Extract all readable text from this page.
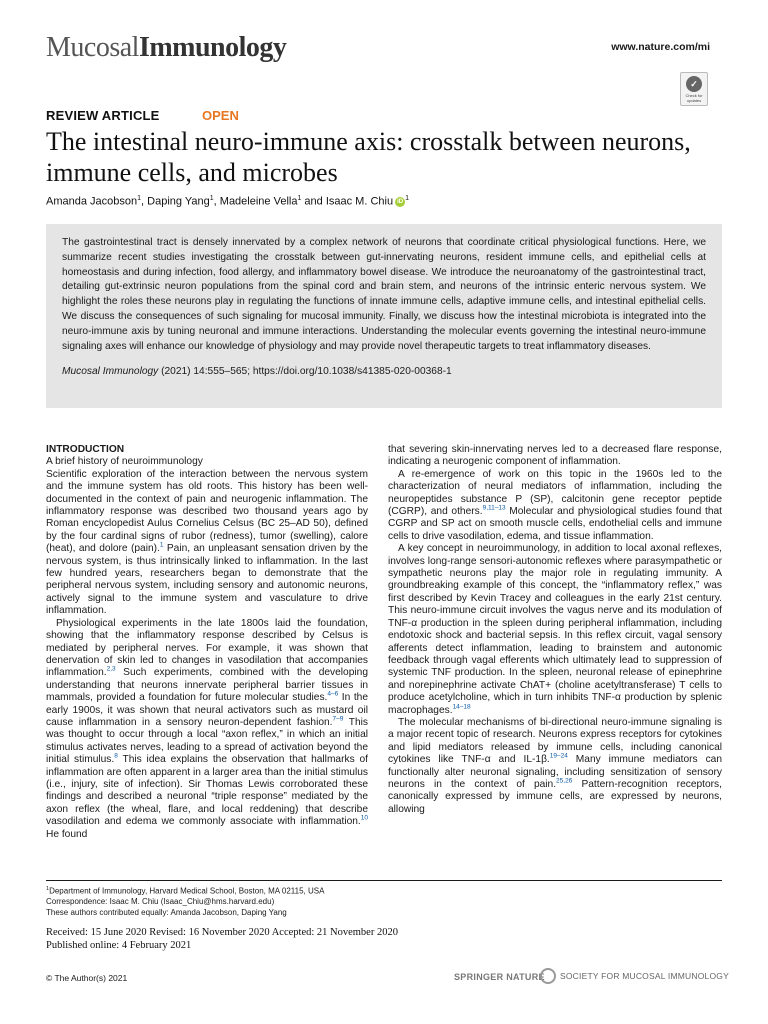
MucosalImmunology	www.nature.com/mi
✓
Check for updates
REVIEW ARTICLE	OPEN
The intestinal neuro-immune axis: crosstalk between neurons, immune cells, and microbes
Amanda Jacobson$^1$, Daping Yang$^1$, Madeleine Vella$^1$ and Isaac M. Chiu iD $^1$

The gastrointestinal tract is densely innervated by a complex network of neurons that coordinate critical physiological functions. Here, we summarize recent studies investigating the crosstalk between gut-innervating neurons, resident immune cells, and epithelial cells at homeostasis and during infection, food allergy, and inflammatory bowel disease. We introduce the neuroanatomy of the gastrointestinal tract, detailing gut-extrinsic neuron populations from the spinal cord and brain stem, and neurons of the intrinsic enteric nervous system. We highlight the roles these neurons play in regulating the functions of innate immune cells, adaptive immune cells, and intestinal epithelial cells. We discuss the consequences of such signaling for mucosal immunity. Finally, we discuss how the intestinal microbiota is integrated into the neuro-immune axis by tuning neuronal and immune interactions. Understanding the molecular events governing the intestinal neuro-immune signaling axes will enhance our knowledge of physiology and may provide novel therapeutic targets to treat inflammatory diseases.

Mucosal Immunology (2021) 14:555–565; https://doi.org/10.1038/s41385-020-00368-1
INTRODUCTION
A brief history of neuroimmunology

Scientific exploration of the interaction between the nervous system and the immune system has old roots. This history has been well-documented in the context of pain and neurogenic inflammation. The inflammatory response was described two thousand years ago by Roman encyclopedist Aulus Cornelius Celsus (BC 25–AD 50), defined by the four cardinal signs of rubor (redness), tumor (swelling), calore (heat), and dolore (pain).$^1$ Pain, an unpleasant sensation driven by the nervous system, is thus intrinsically linked to inflammation. In the last few hundred years, researchers began to demonstrate that the peripheral nervous system, including sensory and autonomic neurons, actively signal to the immune system and vasculature to drive inflammation.

Physiological experiments in the late 1800s laid the foundation, showing that the inflammatory response described by Celsus is mediated by peripheral nerves. For example, it was shown that denervation of skin led to changes in vasodilation that accompanies inflammation.$^{2,3}$ Such experiments, combined with the developing understanding that neurons innervate peripheral barrier tissues in mammals, provided a foundation for future molecular studies.$^{4-6}$ In the early 1900s, it was shown that neural activators such as mustard oil cause inflammation in a sensory neuron-dependent fashion.$^{7-9}$ This was thought to occur through a local “axon reflex,” in which an initial stimulus activates nerves, leading to a spread of activation beyond the initial stimulus.$^8$ This idea explains the observation that hallmarks of inflammation are often apparent in a larger area than the initial stimulus (i.e., injury, site of infection). Sir Thomas Lewis corroborated these findings and described a neuronal “triple response” mediated by the axon reflex (the wheal, flare, and local reddening) that describe vasodilation and edema we commonly associate with inflammation.$^{10}$ He found

that severing skin-innervating nerves led to a decreased flare response, indicating a neurogenic component of inflammation.

A re-emergence of work on this topic in the 1960s led to the characterization of neural mediators of inflammation, including the neuropeptides substance P (SP), calcitonin gene receptor peptide (CGRP), and others.$^{9,11-13}$ Molecular and physiological studies found that CGRP and SP act on smooth muscle cells, endothelial cells and immune cells to drive vasodilation, edema, and tissue inflammation.

A key concept in neuroimmunology, in addition to local axonal reflexes, involves long-range sensori-autonomic reflexes where parasympathetic or sympathetic neurons play the major role in regulating immunity. A groundbreaking example of this concept, the “inflammatory reflex,” was first described by Kevin Tracey and colleagues in the early 21st century. This neuro-immune circuit involves the vagus nerve and its modulation of TNF-α production in the spleen during peripheral inflammation, including endotoxic shock and bacterial sepsis. In this reflex circuit, vagal sensory afferents detect inflammation, leading to brainstem and autonomic feedback through vagal efferents which ultimately lead to suppression of systemic TNF production. In the spleen, neuronal release of epinephrine and norepinephrine activate ChAT+ (choline acetyltransferase) T cells to produce acetylcholine, which in turn inhibits TNF-α production by splenic macrophages.$^{14-18}$

The molecular mechanisms of bi-directional neuro-immune signaling is a major recent topic of research. Neurons express receptors for cytokines and lipid mediators released by immune cells, including canonical cytokines like TNF-α and IL-1β.$^{19-24}$ Many immune mediators can functionally alter neuronal signaling, including sensitization of sensory neurons in the context of pain.$^{25,26}$ Pattern-recognition receptors, canonically expressed by immune cells, are expressed by neurons, allowing

$^1$Department of Immunology, Harvard Medical School, Boston, MA 02115, USA
Correspondence: Isaac M. Chiu (Isaac_Chiu@hms.harvard.edu)
These authors contributed equally: Amanda Jacobson, Daping Yang
Received: 15 June 2020 Revised: 16 November 2020 Accepted: 21 November 2020
Published online: 4 February 2021
© The Author(s) 2021	SPRINGER NATURE SOCIETY FOR MUCOSAL IMMUNOLOGY
